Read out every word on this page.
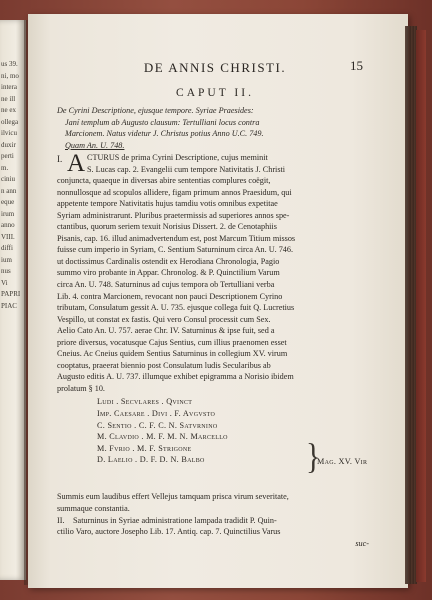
us 39.
ni, mo
intera
ne ill
ne ex
ollega
ilvicu
duxir
perti
m.
ciniu
n ann
eque
irum
anno
VIII.
diffi
ium
nus
Vi
PAPRI
PIAC
DE ANNIS CHRISTI.	15
CAPUT II.
De Cyrini Descriptione, ejusque tempore. Syriae Praesides:
Janí templum ab Augusto clausum: Tertulliani locus contra
Marcionem. Natus videtur J. Christus potius Anno U.C. 749.
Quam An. U. 748.
I. A CTURUS de prima Cyrini Descriptione, cujus meminit
S. Lucas cap. 2. Evangelii cum tempore Nativitatis J. Christi
conjuncta, quaeque in diversas abire sententias complures coëgit,
nonnullosque ad scopulos allidere, figam primum annos Praesidum, qui
appetente tempore Nativitatis hujus tamdiu votis omnibus expetitae
Syriam administrarunt. Pluribus praetermissis ad superiores annos spe-
ctantibus, quorum seriem texuit Norisius Dissert. 2. de Cenotaphiis
Pisanis, cap. 16. illud animadvertendum est, post Marcum Titium missos
fuisse cum imperio in Syriam, C. Sentium Saturninum circa An. U. 746.
ut doctissimus Cardinalis ostendit ex Herodiana Chronologia, Pagio
summo viro probante in Appar. Chronolog. & P. Quinctilium Varum
circa An. U. 748. Saturninus ad cujus tempora ob Tertulliani verba
Lib. 4. contra Marcionem, revocant non pauci Descriptionem Cyrino
tributam, Consulatum gessit A. U. 735. ejusque collega fuit Q. Lucretius
Vespillo, ut constat ex fastis. Qui vero Consul processit cum Sex.
Aelio Cato An. U. 757. aerae Chr. IV. Saturninus & ipse fuit, sed a
priore diversus, vocatusque Cajus Sentius, cum illius praenomen esset
Cneius. Ac Cneius quidem Sentius Saturninus in collegium XV. virum
cooptatus, praeerat biennio post Consulatum ludis Secularibus ab
Augusto editis A. U. 737. illumque exhibet epigramma a Norisio ibidem
prolatum § 10.
}
Mag. XV. Vir
Ludi . Secvlares . Qvinct
Imp. Caesare . Divi . F. Avgvsto
C. Sentio . C. F. C. N. Satvrnino
M. Clavdio . M. F. M. N. Marcello
M. Fvrio . M. F. Strigone
D. Laelio . D. F. D. N. Balbo
Summis eum laudibus effert Vellejus tamquam prisca virum severitate,
summaque constantia.
suc-
II.	Saturninus in Syriae administratione lampada tradidit P. Quin-
ctilio Varo, auctore Josepho Lib. 17. Antiq. cap. 7. Quinctilius Varus
